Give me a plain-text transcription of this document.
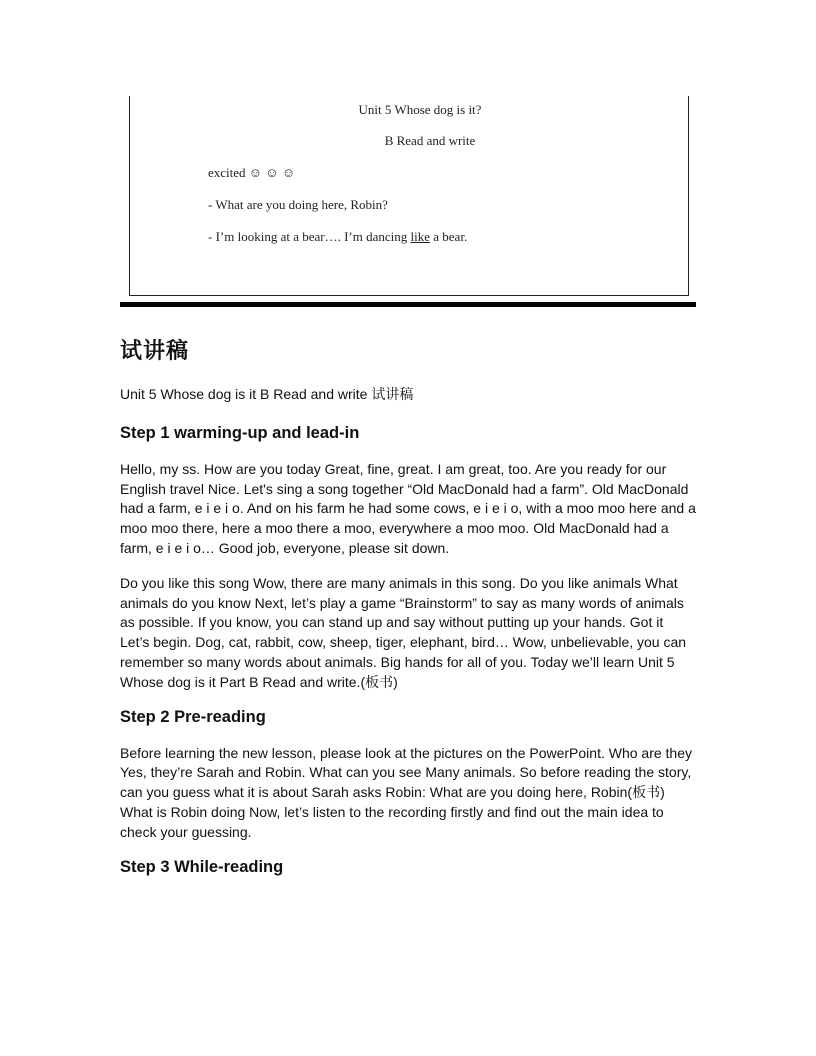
Unit 5 Whose dog is it?
B Read and write
excited ☺ ☺ ☺
- What are you doing here, Robin?
- I’m looking at a bear…. I’m dancing like a bear.
试讲稿

Unit 5 Whose dog is it B Read and write 试讲稿

Step 1 warming-up and lead-in

Hello, my ss. How are you today Great, fine, great. I am great, too. Are you ready for our English travel Nice. Let's sing a song together “Old MacDonald had a farm”. Old MacDonald had a farm, e i e i o. And on his farm he had some cows, e i e i o, with a moo moo here and a moo moo there, here a moo there a moo, everywhere a moo moo. Old MacDonald had a farm, e i e i o… Good job, everyone, please sit down.

Do you like this song Wow, there are many animals in this song. Do you like animals What animals do you know Next, let’s play a game “Brainstorm” to say as many words of animals as possible. If you know, you can stand up and say without putting up your hands. Got it Let’s begin. Dog, cat, rabbit, cow, sheep, tiger, elephant, bird… Wow, unbelievable, you can remember so many words about animals. Big hands for all of you. Today we’ll learn Unit 5 Whose dog is it Part B Read and write.(板书)

Step 2 Pre-reading

Before learning the new lesson, please look at the pictures on the PowerPoint. Who are they Yes, they’re Sarah and Robin. What can you see Many animals. So before reading the story, can you guess what it is about Sarah asks Robin: What are you doing here, Robin(板书) What is Robin doing Now, let’s listen to the recording firstly and find out the main idea to check your guessing.

Step 3 While-reading
